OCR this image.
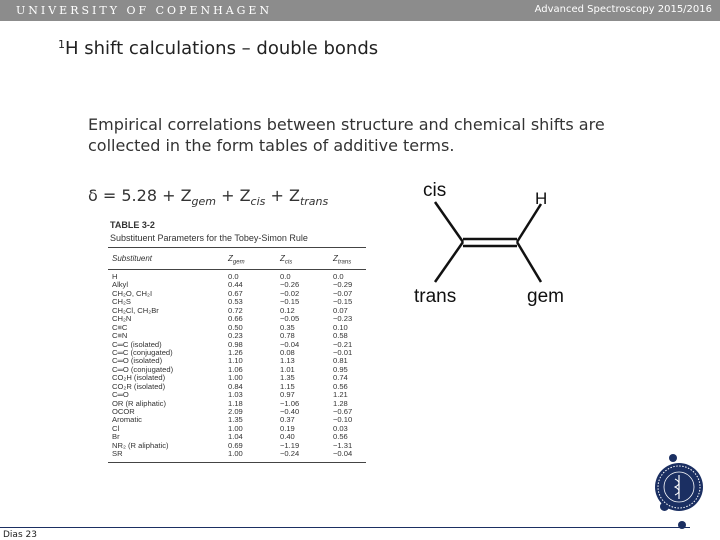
UNIVERSITY OF COPENHAGEN	Advanced Spectroscopy 2015/2016
$^1$H shift calculations – double bonds
Empirical correlations between structure and chemical shifts are collected in the form tables of additive terms.
$\delta = 5.28 + Z_{gem} + Z_{cis} + Z_{trans}$
TABLE 3-2
Substituent Parameters for the Tobey-Simon Rule
Substituent	$Z_{gem}$	$Z_{cis}$	$Z_{trans}$
H	0.0	0.0	0.0
Alkyl	0.44	−0.26	−0.29
CH₂O, CH₂I	0.67	−0.02	−0.07
CH₂S	0.53	−0.15	−0.15
CH₂Cl, CH₂Br	0.72	0.12	0.07
CH₂N	0.66	−0.05	−0.23
C≡C	0.50	0.35	0.10
C≡N	0.23	0.78	0.58
C═C (isolated)	0.98	−0.04	−0.21
C═C (conjugated)	1.26	0.08	−0.01
C═O (isolated)	1.10	1.13	0.81
C═O (conjugated)	1.06	1.01	0.95
CO₂H (isolated)	1.00	1.35	0.74
CO₂R (isolated)	0.84	1.15	0.56
C═O	1.03	0.97	1.21
OR (R aliphatic)	1.18	−1.06	1.28
OCOR	2.09	−0.40	−0.67
Aromatic	1.35	0.37	−0.10
Cl	1.00	0.19	0.03
Br	1.04	0.40	0.56
NR₂ (R aliphatic)	0.69	−1.19	−1.31
SR	1.00	−0.24	−0.04
cis	H
trans	gem
Dias 23
